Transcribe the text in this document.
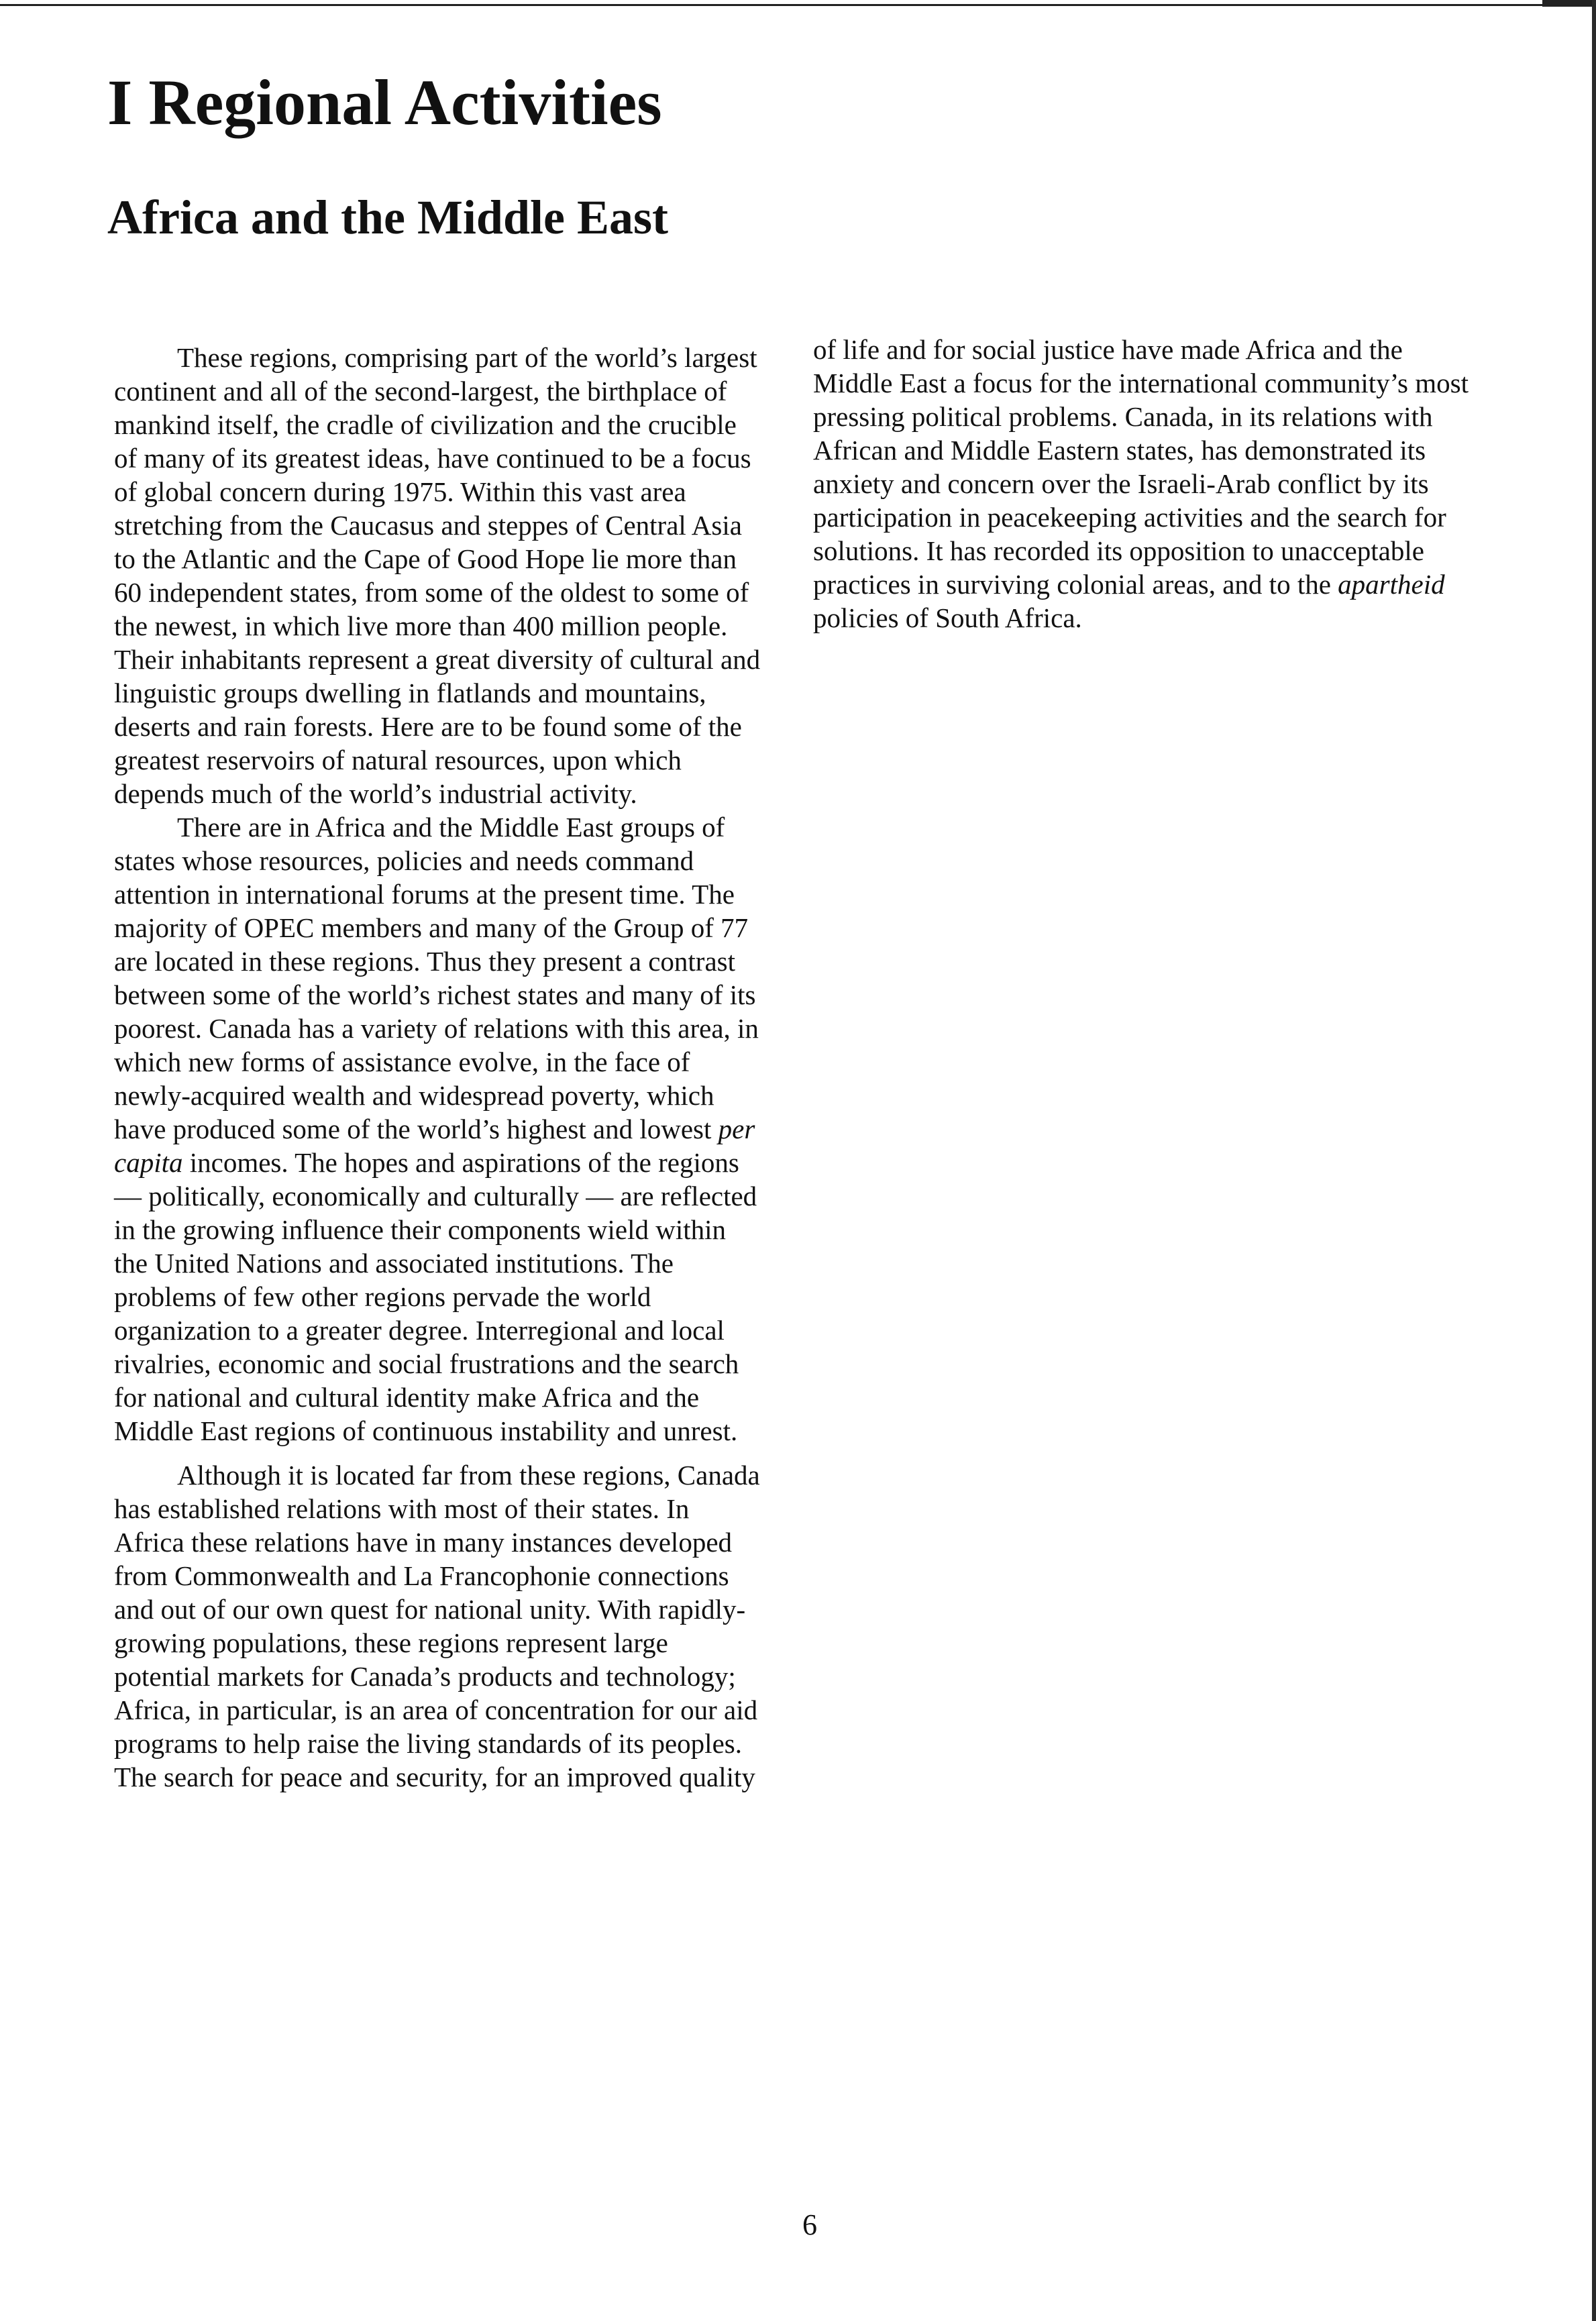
I Regional Activities
Africa and the Middle East

These regions, comprising part of the world’s largest continent and all of the second-largest, the birthplace of mankind itself, the cradle of civilization and the crucible of many of its greatest ideas, have continued to be a focus of global concern during 1975. Within this vast area stretching from the Caucasus and steppes of Central Asia to the Atlantic and the Cape of Good Hope lie more than 60 independent states, from some of the oldest to some of the newest, in which live more than 400 million people. Their inhabitants represent a great diversity of cultural and linguistic groups dwelling in flatlands and mountains, deserts and rain forests. Here are to be found some of the greatest reservoirs of natural resources, upon which depends much of the world’s industrial activity.

There are in Africa and the Middle East groups of states whose resources, policies and needs command attention in international forums at the present time. The majority of OPEC members and many of the Group of 77 are located in these regions. Thus they present a contrast between some of the world’s richest states and many of its poorest. Canada has a variety of relations with this area, in which new forms of assistance evolve, in the face of newly-acquired wealth and widespread poverty, which have produced some of the world’s highest and lowest per capita incomes. The hopes and aspirations of the regions — politically, economically and culturally — are reflected in the growing influence their components wield within the United Nations and associated institutions. The problems of few other regions pervade the world organization to a greater degree. Interregional and local rivalries, economic and social frustrations and the search for national and cultural identity make Africa and the Middle East regions of continuous instability and unrest.

Although it is located far from these regions, Canada has established relations with most of their states. In Africa these relations have in many instances developed from Commonwealth and La Francophonie connections and out of our own quest for national unity. With rapidly-growing populations, these regions represent large potential markets for Canada’s products and technology; Africa, in particular, is an area of concentration for our aid programs to help raise the living standards of its peoples. The search for peace and security, for an improved quality

of life and for social justice have made Africa and the Middle East a focus for the international community’s most pressing political problems. Canada, in its relations with African and Middle Eastern states, has demonstrated its anxiety and concern over the Israeli-Arab conflict by its participation in peacekeeping activities and the search for solutions. It has recorded its opposition to unacceptable practices in surviving colonial areas, and to the apartheid policies of South Africa.

6
